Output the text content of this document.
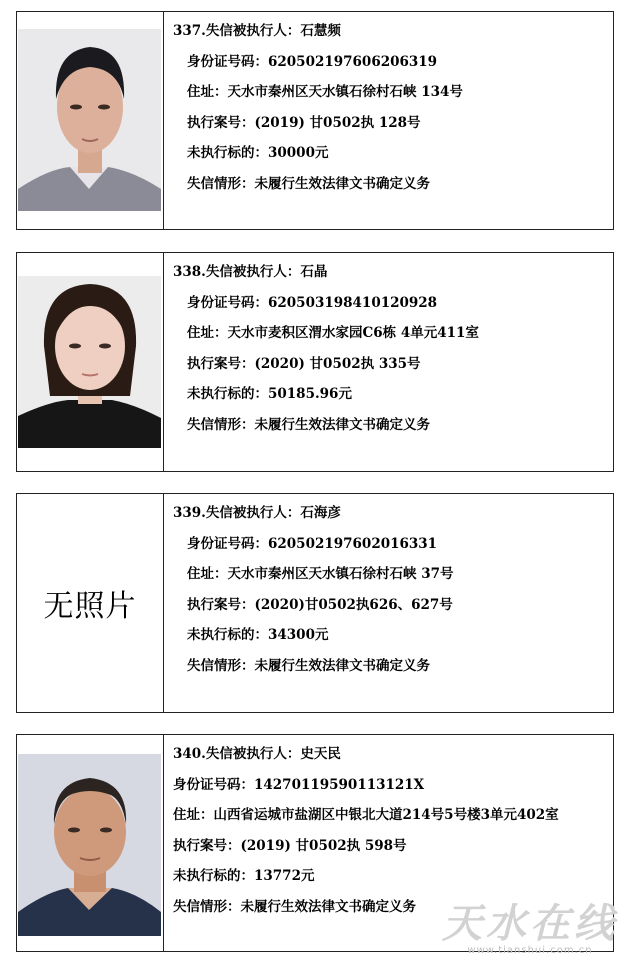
337.失信被执行人：石慧频
身份证号码：620502197606206319
住址：天水市秦州区天水镇石徐村石峡 134号
执行案号：(2019) 甘0502执 128号
未执行标的：30000元
失信情形：未履行生效法律文书确定义务
338.失信被执行人：石晶
身份证号码：620503198410120928
住址：天水市麦积区渭水家园C6栋 4单元411室
执行案号：(2020) 甘0502执 335号
未执行标的：50185.96元
失信情形：未履行生效法律文书确定义务
无照片
339.失信被执行人：石海彦
身份证号码：620502197602016331
住址：天水市秦州区天水镇石徐村石峡 37号
执行案号：(2020)甘0502执626、627号
未执行标的：34300元
失信情形：未履行生效法律文书确定义务
340.失信被执行人：史天民
身份证号码：14270119590113121X
住址：山西省运城市盐湖区中银北大道214号5号楼3单元402室
执行案号：(2019) 甘0502执 598号
未执行标的：13772元
失信情形：未履行生效法律文书确定义务 天水在线
www.tianshui.com.cn
